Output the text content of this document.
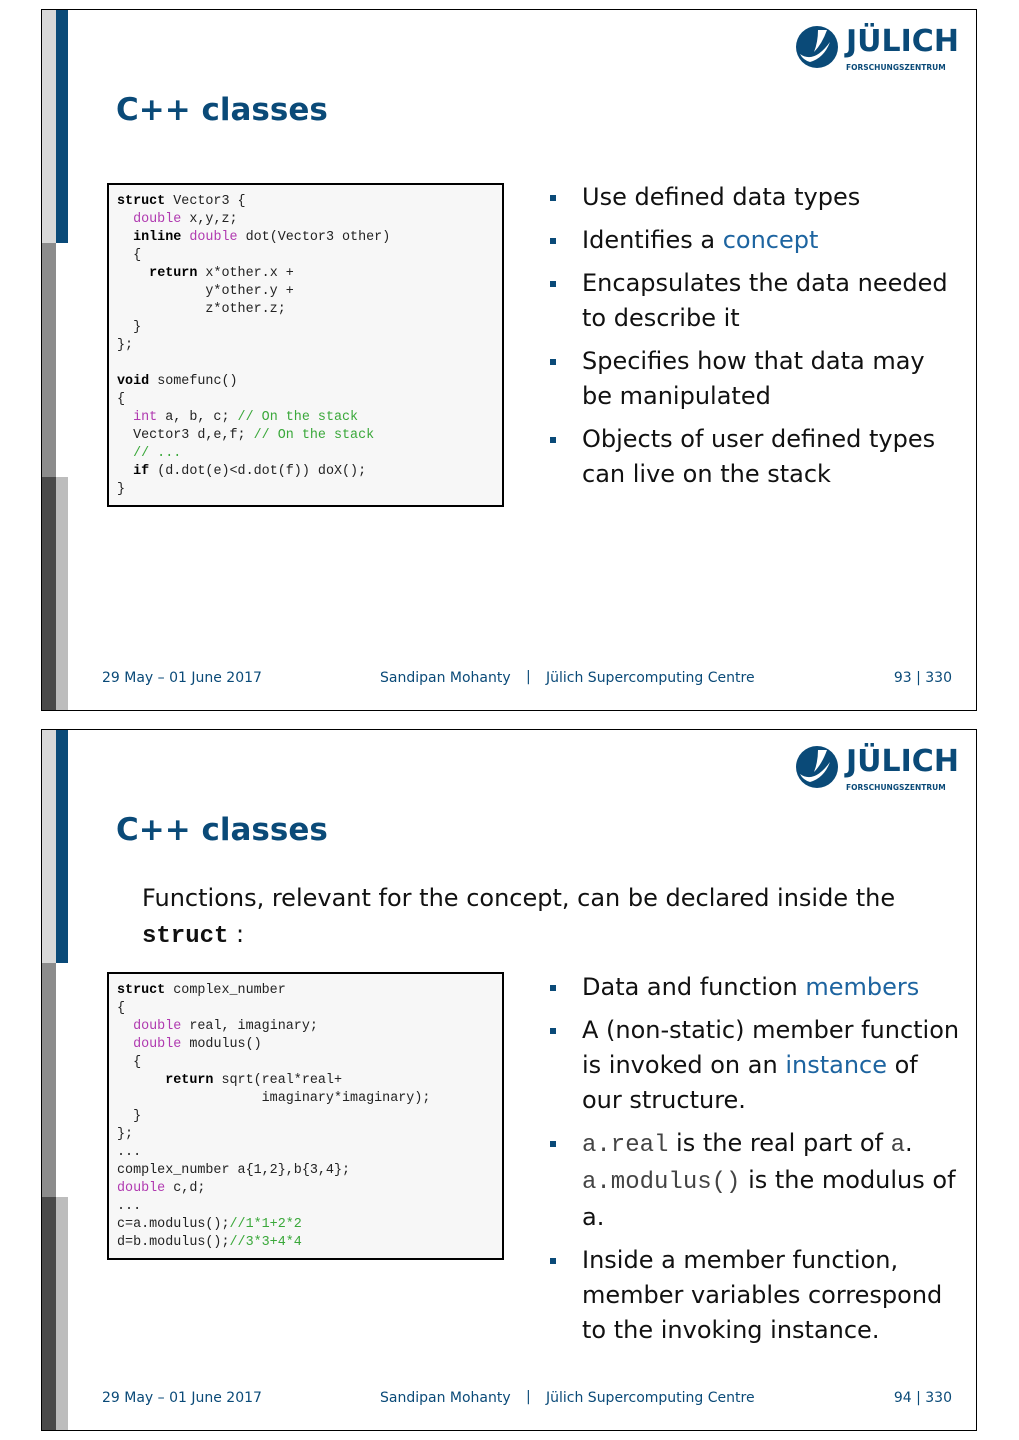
JÜLICH
FORSCHUNGSZENTRUM
C++ classes
struct Vector3 {
double x,y,z;
inline double dot(Vector3 other)
{
return x*other.x +
y*other.y +
z*other.z;
}
};

void somefunc()
{
int a, b, c; // On the stack
Vector3 d,e,f; // On the stack
// ...
if (d.dot(e)<d.dot(f)) doX();
}
Use defined data types
Identifies a concept
Encapsulates the data needed to describe it
Specifies how that data may be manipulated
Objects of user defined types can live on the stack
29 May – 01 June 2017	Sandipan Mohanty | Jülich Supercomputing Centre	93 | 330
JÜLICH
FORSCHUNGSZENTRUM
C++ classes
Functions, relevant for the concept, can be declared inside the
struct :
struct complex_number
{
double real, imaginary;
double modulus()
{
return sqrt(real*real+
imaginary*imaginary);
}
};
...
complex_number a{1,2},b{3,4};
double c,d;
...
c=a.modulus();//1*1+2*2
d=b.modulus();//3*3+4*4
Data and function members
A (non-static) member function is invoked on an instance of our structure.
a.real is the real part of a. a.modulus() is the modulus of a.
Inside a member function, member variables correspond to the invoking instance.
29 May – 01 June 2017	Sandipan Mohanty | Jülich Supercomputing Centre	94 | 330
